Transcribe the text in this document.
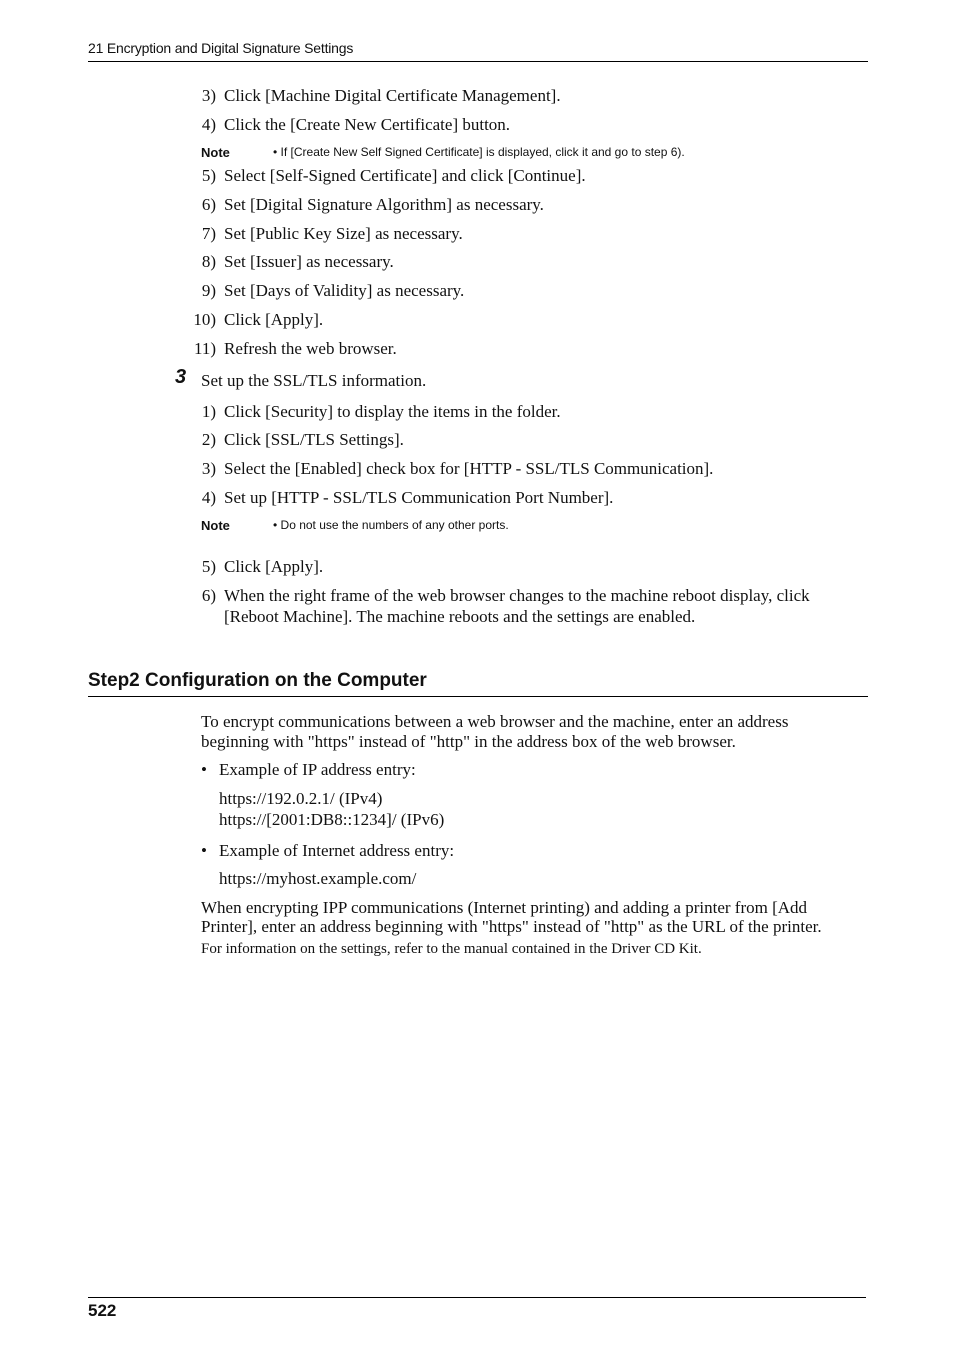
21 Encryption and Digital Signature Settings
3) Click [Machine Digital Certificate Management].
4) Click the [Create New Certificate] button.
Note	• If [Create New Self Signed Certificate] is displayed, click it and go to step 6).
5) Select [Self-Signed Certificate] and click [Continue].
6) Set [Digital Signature Algorithm] as necessary.
7) Set [Public Key Size] as necessary.
8) Set [Issuer] as necessary.
9) Set [Days of Validity] as necessary.
10) Click [Apply].
11) Refresh the web browser.
3 Set up the SSL/TLS information.
1) Click [Security] to display the items in the folder.
2) Click [SSL/TLS Settings].
3) Select the [Enabled] check box for [HTTP - SSL/TLS Communication].
4) Set up [HTTP - SSL/TLS Communication Port Number].
Note	• Do not use the numbers of any other ports.
5) Click [Apply].
6) When the right frame of the web browser changes to the machine reboot display, click
[Reboot Machine]. The machine reboots and the settings are enabled.
Step2 Configuration on the Computer
To encrypt communications between a web browser and the machine, enter an address
beginning with "https" instead of "http" in the address box of the web browser.
• Example of IP address entry:
https://192.0.2.1/ (IPv4)
https://[2001:DB8::1234]/ (IPv6)
• Example of Internet address entry:
https://myhost.example.com/
When encrypting IPP communications (Internet printing) and adding a printer from [Add
Printer], enter an address beginning with "https" instead of "http" as the URL of the printer.
For information on the settings, refer to the manual contained in the Driver CD Kit.
522
